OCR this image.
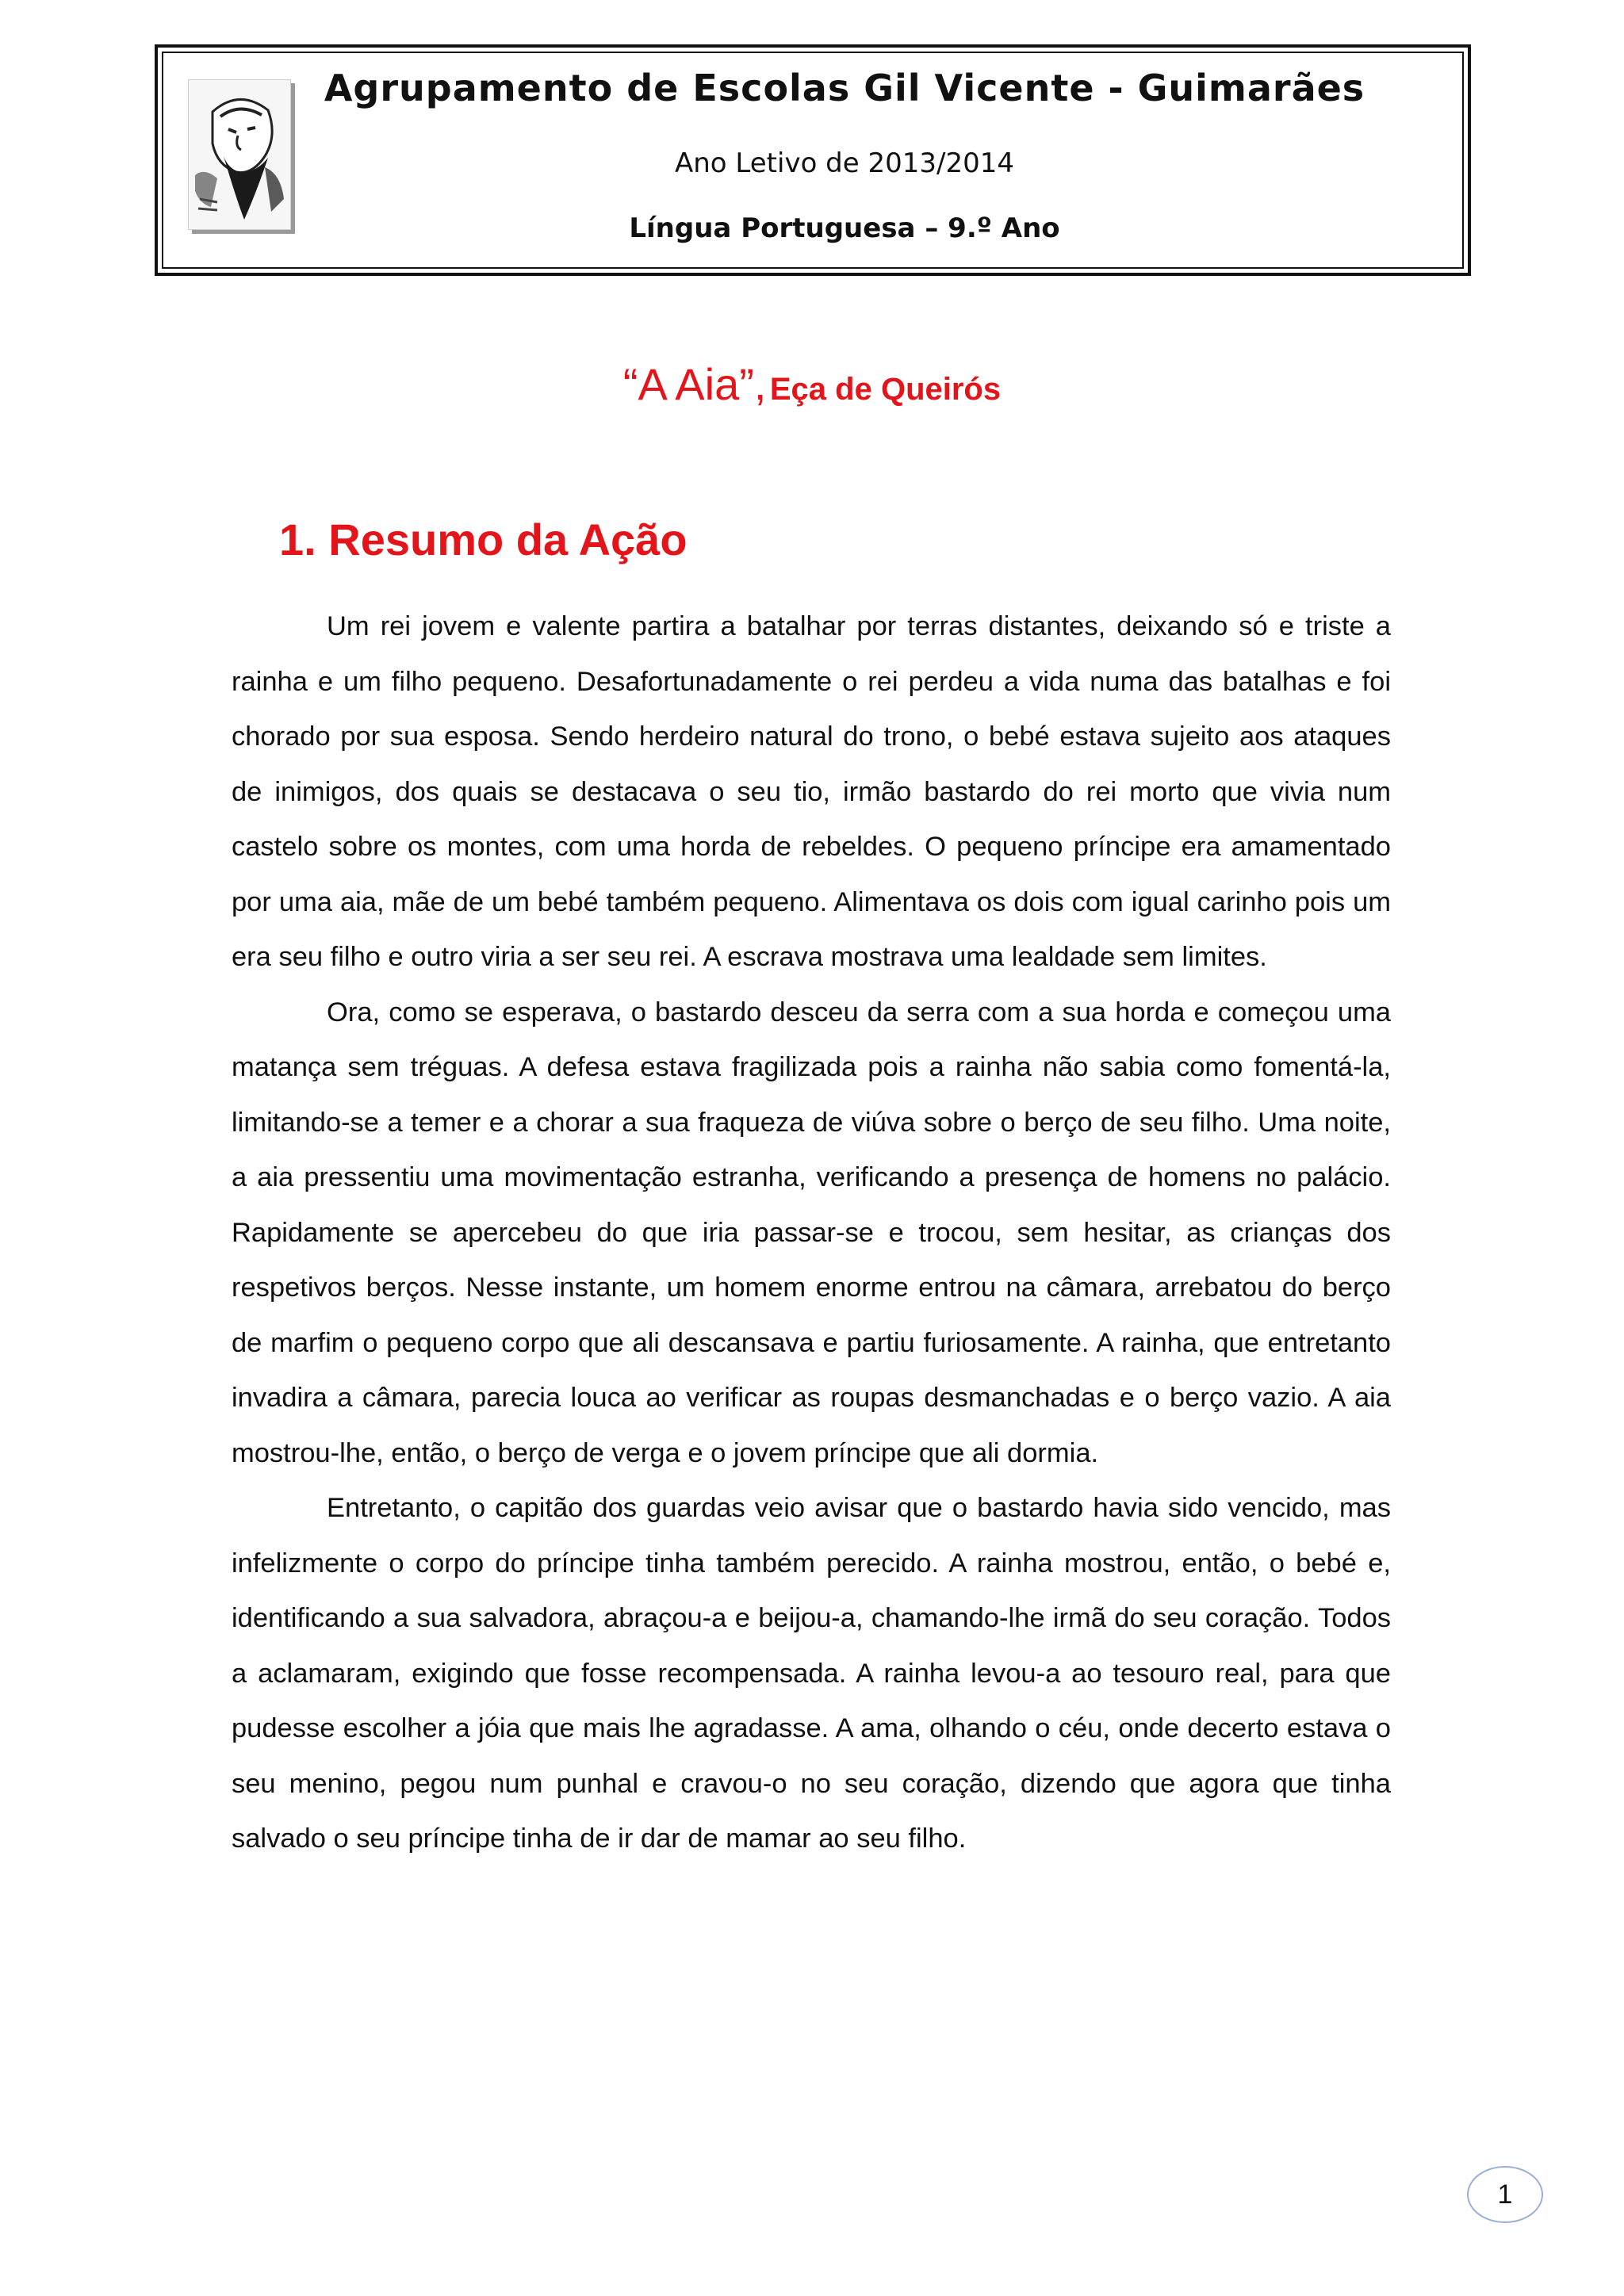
Agrupamento de Escolas Gil Vicente - Guimarães
Ano Letivo de 2013/2014
Língua Portuguesa – 9.º Ano
“A Aia”, Eça de Queirós
1. Resumo da Ação

Um rei jovem e valente partira a batalhar por terras distantes, deixando só e triste a rainha e um filho pequeno. Desafortunadamente o rei perdeu a vida numa das batalhas e foi chorado por sua esposa. Sendo herdeiro natural do trono, o bebé estava sujeito aos ataques de inimigos, dos quais se destacava o seu tio, irmão bastardo do rei morto que vivia num castelo sobre os montes, com uma horda de rebeldes. O pequeno príncipe era amamentado por uma aia, mãe de um bebé também pequeno. Alimentava os dois com igual carinho pois um era seu filho e outro viria a ser seu rei. A escrava mostrava uma lealdade sem limites.

Ora, como se esperava, o bastardo desceu da serra com a sua horda e começou uma matança sem tréguas. A defesa estava fragilizada pois a rainha não sabia como fomentá-la, limitando-se a temer e a chorar a sua fraqueza de viúva sobre o berço de seu filho. Uma noite, a aia pressentiu uma movimentação estranha, verificando a presença de homens no palácio. Rapidamente se apercebeu do que iria passar-se e trocou, sem hesitar, as crianças dos respetivos berços. Nesse instante, um homem enorme entrou na câmara, arrebatou do berço de marfim o pequeno corpo que ali descansava e partiu furiosamente. A rainha, que entretanto invadira a câmara, parecia louca ao verificar as roupas desmanchadas e o berço vazio. A aia mostrou-lhe, então, o berço de verga e o jovem príncipe que ali dormia.

Entretanto, o capitão dos guardas veio avisar que o bastardo havia sido vencido, mas infelizmente o corpo do príncipe tinha também perecido. A rainha mostrou, então, o bebé e, identificando a sua salvadora, abraçou-a e beijou-a, chamando-lhe irmã do seu coração. Todos a aclamaram, exigindo que fosse recompensada. A rainha levou-a ao tesouro real, para que pudesse escolher a jóia que mais lhe agradasse. A ama, olhando o céu, onde decerto estava o seu menino, pegou num punhal e cravou-o no seu coração, dizendo que agora que tinha salvado o seu príncipe tinha de ir dar de mamar ao seu filho.

1
